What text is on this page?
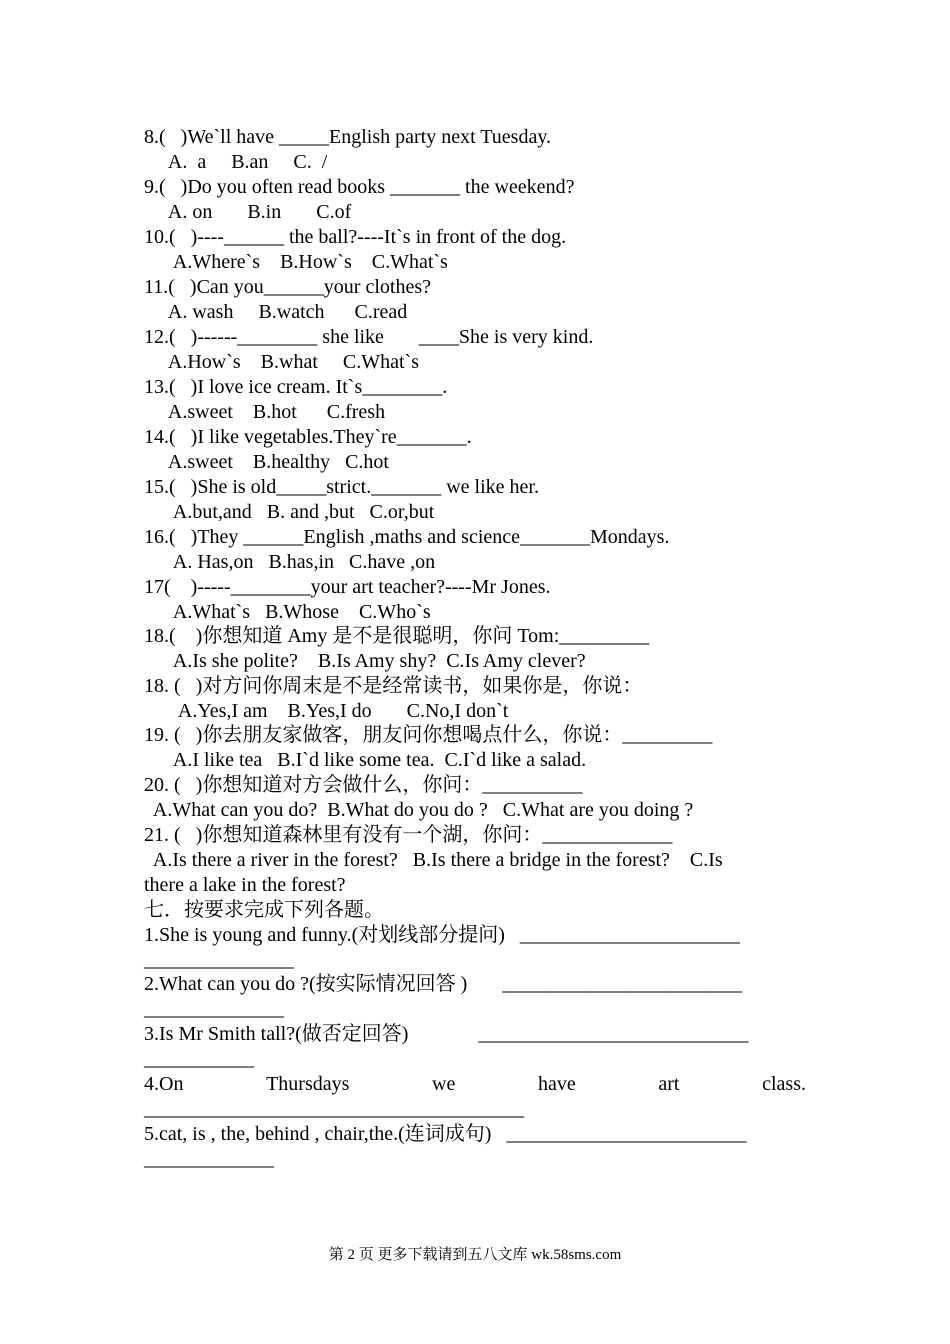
8.(   )We`ll have _____English party next Tuesday.
A.  a     B.an     C.  /
9.(   )Do you often read books _______ the weekend?
A. on       B.in       C.of
10.(   )----______ the ball?----It`s in front of the dog.
A.Where`s    B.How`s    C.What`s
11.(   )Can you______your clothes?
A. wash     B.watch      C.read
12.(   )------________ she like       ____She is very kind.
A.How`s    B.what     C.What`s
13.(   )I love ice cream. It`s________.
A.sweet    B.hot      C.fresh
14.(   )I like vegetables.They`re_______.
A.sweet    B.healthy   C.hot
15.(   )She is old_____strict._______ we like her.
A.but,and   B. and ,but   C.or,but
16.(   )They ______English ,maths and science_______Mondays.
A. Has,on   B.has,in   C.have ,on
17(    )-----________your art teacher?----Mr Jones.
A.What`s   B.Whose    C.Who`s
18.(    )你想知道 Amy 是不是很聪明，你问 Tom:_________
A.Is she polite?    B.Is Amy shy?  C.Is Amy clever?
18. (   )对方问你周末是不是经常读书，如果你是，你说：
A.Yes,I am    B.Yes,I do       C.No,I don`t
19. (   )你去朋友家做客，朋友问你想喝点什么，你说：_________
A.I like tea   B.I`d like some tea.  C.I`d like a salad.
20. (   )你想知道对方会做什么，你问：__________
A.What can you do?  B.What do you do ?   C.What are you doing ?
21. (   )你想知道森林里有没有一个湖，你问：_____________
A.Is there a river in the forest?   B.Is there a bridge in the forest?    C.Is
there a lake in the forest?
七．按要求完成下列各题。
1.She is young and funny.(对划线部分提问)   ______________________
_______________
2.What can you do ?(按实际情况回答 )       ________________________
______________
3.Is Mr Smith tall?(做否定回答)              ___________________________
___________
4.On	Thursdays	we	have	art	class.
______________________________________
5.cat, is , the, behind , chair,the.(连词成句)   ________________________
_____________
第 2 页 更多下载请到五八文库 wk.58sms.com
